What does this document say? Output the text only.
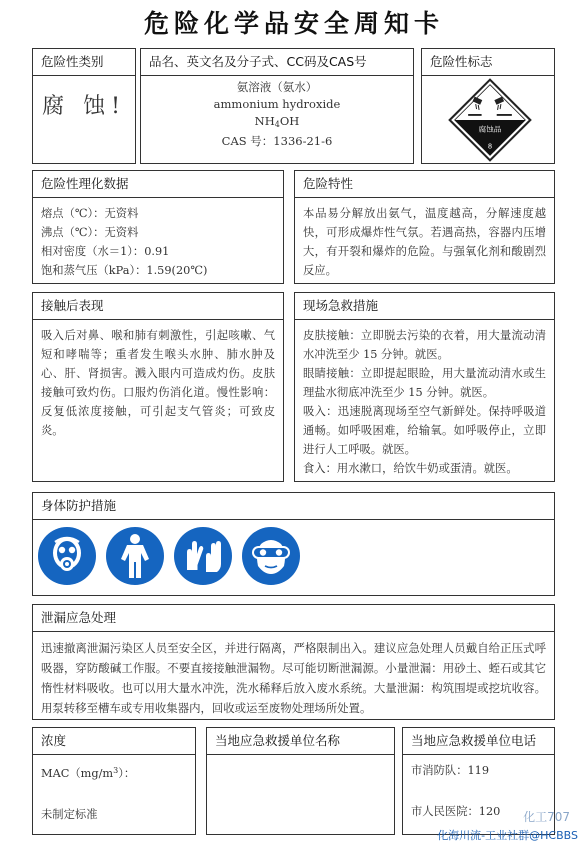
危险化学品安全周知卡
危险性类别
腐 蚀!
品名、英文名及分子式、CC码及CAS号
氨溶液（氨水）
ammonium hydroxide
$NH_4OH$
CAS 号：1336-21-6
危险性标志
腐蚀品
8
危险性理化数据
熔点（℃）：无资料
沸点（℃）：无资料
相对密度（水＝1）：0.91
饱和蒸气压（kPa）：1.59(20℃)
危险特性
本品易分解放出氨气，温度越高，分解速度越快，可形成爆炸性气氛。若遇高热，容器内压增大，有开裂和爆炸的危险。与强氧化剂和酸剧烈反应。
接触后表现
吸入后对鼻、喉和肺有刺激性，引起咳嗽、气短和哮喘等；重者发生喉头水肿、肺水肿及心、肝、肾损害。溅入眼内可造成灼伤。皮肤接触可致灼伤。口服灼伤消化道。慢性影响：反复低浓度接触，可引起支气管炎；可致皮炎。
现场急救措施
皮肤接触：立即脱去污染的衣着，用大量流动清水冲洗至少 15 分钟。就医。
眼睛接触：立即提起眼睑，用大量流动清水或生理盐水彻底冲洗至少 15 分钟。就医。
吸入：迅速脱离现场至空气新鲜处。保持呼吸道通畅。如呼吸困难，给输氧。如呼吸停止，立即进行人工呼吸。就医。
食入：用水漱口，给饮牛奶或蛋清。就医。
身体防护措施
泄漏应急处理
迅速撤离泄漏污染区人员至安全区，并进行隔离，严格限制出入。建议应急处理人员戴自给正压式呼吸器，穿防酸碱工作服。不要直接接触泄漏物。尽可能切断泄漏源。小量泄漏：用砂土、蛭石或其它惰性材料吸收。也可以用大量水冲洗，洗水稀释后放入废水系统。大量泄漏：构筑围堤或挖坑收容。用泵转移至槽车或专用收集器内，回收或运至废物处理场所处置。
浓度
$MAC(mg/m^3)$：
未制定标准
当地应急救援单位名称	当地应急救援单位电话
市消防队：119
市人民医院：120	化工707
化海川流-工业社群@HCBBS
